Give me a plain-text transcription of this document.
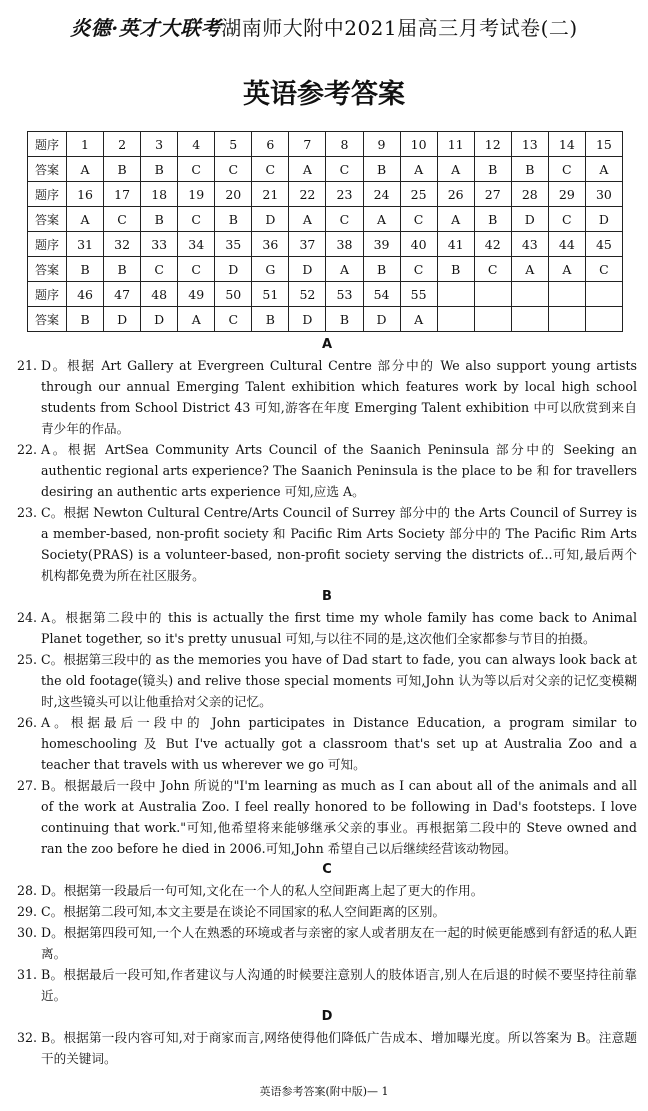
炎德·英才大联考湖南师大附中2021届高三月考试卷(二)
英语参考答案
题序	1	2	3	4	5	6	7	8	9	10	11	12	13	14	15
答案	A	B	B	C	C	C	A	C	B	A	A	B	B	C	A
题序	16	17	18	19	20	21	22	23	24	25	26	27	28	29	30
答案	A	C	B	C	B	D	A	C	A	C	A	B	D	C	D
题序	31	32	33	34	35	36	37	38	39	40	41	42	43	44	45
答案	B	B	C	C	D	G	D	A	B	C	B	C	A	A	C
题序	46	47	48	49	50	51	52	53	54	55					
答案	B	D	D	A	C	B	D	B	D	A					
A
21. D。根据 Art Gallery at Evergreen Cultural Centre 部分中的 We also support young artists through our annual Emerging Talent exhibition which features work by local high school students from School District 43 可知,游客在年度 Emerging Talent exhibition 中可以欣赏到来自青少年的作品。
22. A。根据 ArtSea Community Arts Council of the Saanich Peninsula 部分中的 Seeking an authentic regional arts experience? The Saanich Peninsula is the place to be 和 for travellers desiring an authentic arts experience 可知,应选 A。
23. C。根据 Newton Cultural Centre/Arts Council of Surrey 部分中的 the Arts Council of Surrey is a member-based, non-profit society 和 Pacific Rim Arts Society 部分中的 The Pacific Rim Arts Society(PRAS) is a volunteer-based, non-profit society serving the districts of...可知,最后两个机构都免费为所在社区服务。
B
24. A。根据第二段中的 this is actually the first time my whole family has come back to Animal Planet together, so it's pretty unusual 可知,与以往不同的是,这次他们全家都参与节目的拍摄。
25. C。根据第三段中的 as the memories you have of Dad start to fade, you can always look back at the old footage(镜头) and relive those special moments 可知,John 认为等以后对父亲的记忆变模糊时,这些镜头可以让他重拾对父亲的记忆。
26. A。根据最后一段中的 John participates in Distance Education, a program similar to homeschooling 及 But I've actually got a classroom that's set up at Australia Zoo and a teacher that travels with us wherever we go 可知。
27. B。根据最后一段中 John 所说的"I'm learning as much as I can about all of the animals and all of the work at Australia Zoo. I feel really honored to be following in Dad's footsteps. I love continuing that work."可知,他希望将来能够继承父亲的事业。再根据第二段中的 Steve owned and ran the zoo before he died in 2006.可知,John 希望自己以后继续经营该动物园。
C
28. D。根据第一段最后一句可知,文化在一个人的私人空间距离上起了更大的作用。
29. C。根据第二段可知,本文主要是在谈论不同国家的私人空间距离的区别。
30. D。根据第四段可知,一个人在熟悉的环境或者与亲密的家人或者朋友在一起的时候更能感到有舒适的私人距离。
31. B。根据最后一段可知,作者建议与人沟通的时候要注意别人的肢体语言,别人在后退的时候不要坚持往前靠近。
D
32. B。根据第一段内容可知,对于商家而言,网络使得他们降低广告成本、增加曝光度。所以答案为 B。注意题干的关键词。
英语参考答案(附中版)— 1
